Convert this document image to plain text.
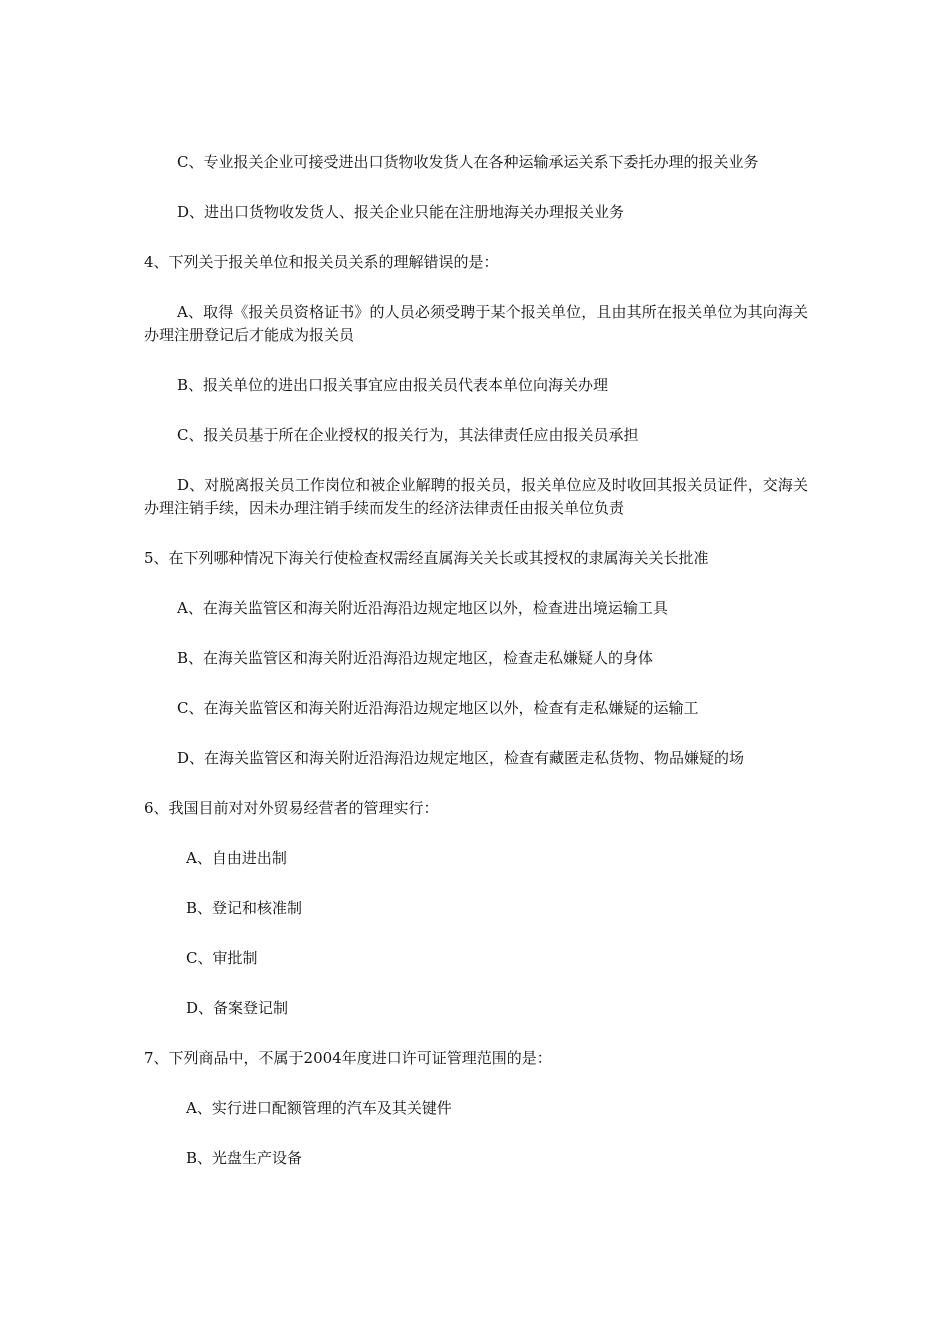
C、专业报关企业可接受进出口货物收发货人在各种运输承运关系下委托办理的报关业务

D、进出口货物收发货人、报关企业只能在注册地海关办理报关业务

4、下列关于报关单位和报关员关系的理解错误的是：

A、取得《报关员资格证书》的人员必须受聘于某个报关单位，且由其所在报关单位为其向海关办理注册登记后才能成为报关员

B、报关单位的进出口报关事宜应由报关员代表本单位向海关办理

C、报关员基于所在企业授权的报关行为，其法律责任应由报关员承担

D、对脱离报关员工作岗位和被企业解聘的报关员，报关单位应及时收回其报关员证件，交海关办理注销手续，因未办理注销手续而发生的经济法律责任由报关单位负责

5、在下列哪种情况下海关行使检查权需经直属海关关长或其授权的隶属海关关长批准

A、在海关监管区和海关附近沿海沿边规定地区以外，检查进出境运输工具

B、在海关监管区和海关附近沿海沿边规定地区，检查走私嫌疑人的身体

C、在海关监管区和海关附近沿海沿边规定地区以外，检查有走私嫌疑的运输工

D、在海关监管区和海关附近沿海沿边规定地区，检查有藏匿走私货物、物品嫌疑的场

6、我国目前对对外贸易经营者的管理实行：

A、自由进出制

B、登记和核准制

C、审批制

D、备案登记制

7、下列商品中，不属于2004年度进口许可证管理范围的是：

A、实行进口配额管理的汽车及其关键件

B、光盘生产设备
